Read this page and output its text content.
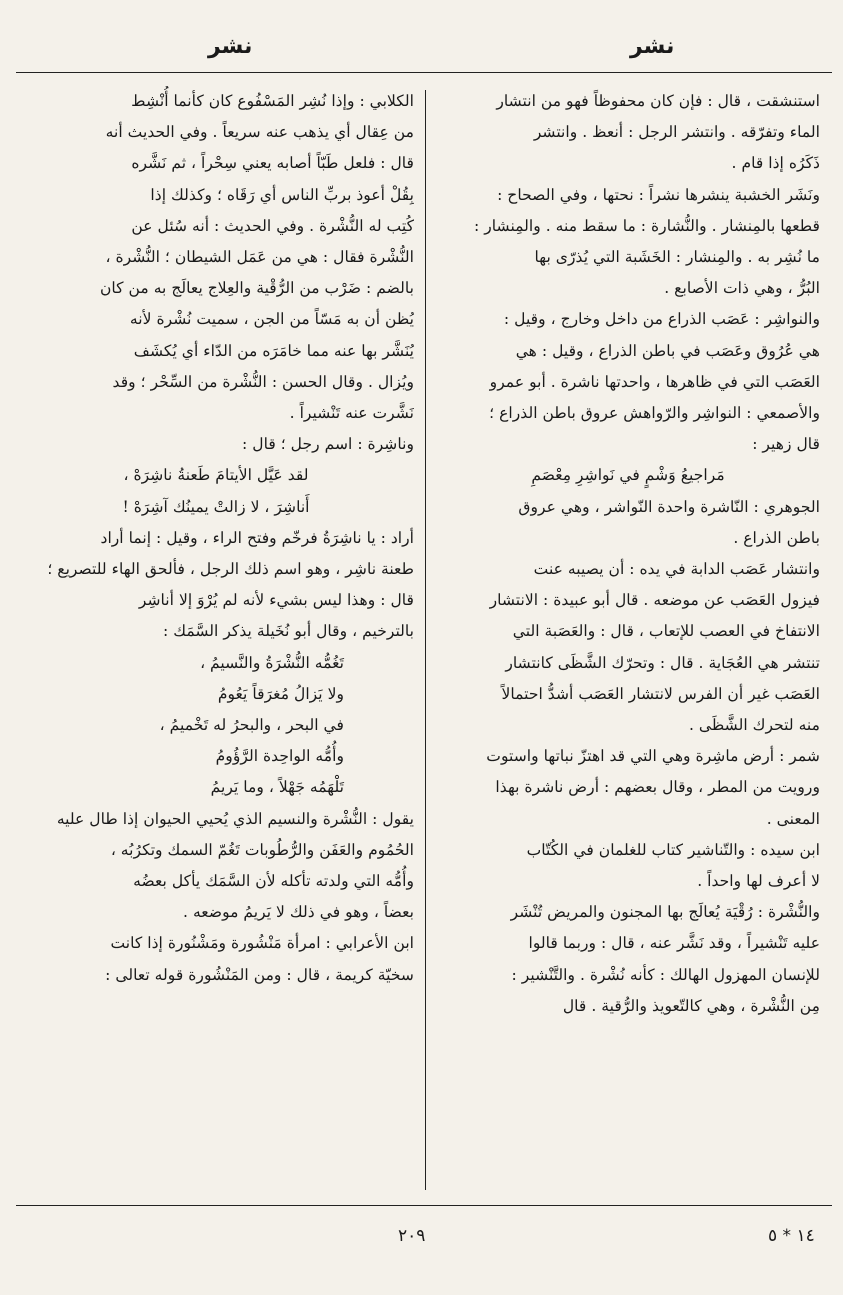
نشر
نشر

استنشقت ، قال : فإن كان محفوظاً فهو من انتشار

الماء وتفرّقه . وانتشر الرجل : أنعظ . وانتشر

ذَكَرُه إذا قام .

ونَشَر الخشبة ينشرها نشراً : نحتها ، وفي الصحاح :

قطعها بالمِنشار . والنُّشارة : ما سقط منه . والمِنشار :

ما نُشِر به . والمِنشار : الخَشَبة التي يُذرّى بها

البُرُّ ، وهي ذات الأصابع .

والنواشِر : عَصَب الذراع من داخل وخارج ، وقيل :

هي عُرُوق وعَصَب في باطن الذراع ، وقيل : هي

العَصَب التي في ظاهرها ، واحدتها ناشرة . أبو عمرو

والأصمعي : النواشِر والرّواهش عروق باطن الذراع ؛

قال زهير :

مَراجيعُ وَشْمٍ في نَواشِرِ مِعْصَمِ

الجوهري : النّاشرة واحدة النّواشر ، وهي عروق

باطن الذراع .

وانتشار عَصَب الدابة في يده : أن يصيبه عنت

فيزول العَصَب عن موضعه . قال أبو عبيدة : الانتشار

الانتفاخ في العصب للإتعاب ، قال : والعَصَبة التي

تنتشر هي العُجَاية . قال : وتحرّك الشَّظَى كانتشار

العَصَب غير أن الفرس لانتشار العَصَب أشدُّ احتمالاً

منه لتحرك الشَّظَى .

شمر : أرض ماشِرة وهي التي قد اهتزّ نباتها واستوت

ورويت من المطر ، وقال بعضهم : أرض ناشرة بهذا

المعنى .

ابن سيده : والتّناشير كتاب للغلمان في الكُتّاب

لا أعرف لها واحداً .

والنُّشْرة : رُقْيَة يُعالَج بها المجنون والمريض تُنْشَر

عليه تَنْشيراً ، وقد نَشَّر عنه ، قال : وربما قالوا

للإنسان المهزول الهالك : كأنه نُشْرة . والتَّنْشير :

مِن النُّشْرة ، وهي كالتّعويذ والرُّقية . قال

الكلابي : وإذا نُشِر المَسْفُوع كان كأنما أُنْشِط

من عِقال أي يذهب عنه سريعاً . وفي الحديث أنه

قال : فلعل طَبّاً أصابه يعني سِحْراً ، ثم نَشَّره

بِقُلْ أعوذ بربِّ الناس أي رَقَاه ؛ وكذلك إذا

كُتِب له النُّشْرة . وفي الحديث : أنه سُئل عن

النُّشْرة فقال : هي من عَمَل الشيطان ؛ النُّشْرة ،

بالضم : ضَرْب من الرُّقْية والعِلاج يعالَج به من كان

يُظن أن به مَسّاً من الجن ، سميت نُشْرة لأنه

يُنَشَّر بها عنه مما خامَرَه من الدّاء أي يُكشَف

ويُزال . وقال الحسن : النُّشْرة من السِّحْر ؛ وقد

نَشَّرت عنه تَنْشيراً .

وناشِرة : اسم رجل ؛ قال :

لقد عَيَّل الأيتامَ طَعنةُ ناشِرَهْ ،

أَناشِرَ ، لا زالتْ يمينُك آشِرَهْ !

أراد : يا ناشِرَةُ فرخّم وفتح الراء ، وقيل : إنما أراد

طعنة ناشِر ، وهو اسم ذلك الرجل ، فألحق الهاء للتصريع ؛

قال : وهذا ليس بشيء لأنه لم يُرْوَ إلا أناشِر

بالترخيم ، وقال أبو نُخَيلة يذكر السَّمَك :

تَغُمُّه النُّشْرَةُ والنَّسيمُ ،

ولا يَزالُ مُغرَقاً يَعُومُ

في البحر ، والبحرُ له تَخْميمُ ،

وأُمُّه الواحِدة الرَّؤُومُ

تَلْهَمُه جَهْلاً ، وما يَريمُ

يقول : النُّشْرة والنسيم الذي يُحيي الحيوان إذا طال عليه

الحُمُوم والعَفَن والرُّطُوبات تَغُمّ السمك وتكرُبُه ،

وأُمُّه التي ولدته تأكله لأن السَّمَك يأكل بعضُه

بعضاً ، وهو في ذلك لا يَريمُ موضعه .

ابن الأعرابي : امرأة مَنْشُورة ومَشْنُورة إذا كانت

سخيّة كريمة ، قال : ومن المَنْشُورة قوله تعالى :

٢٠٩	١٤ * ٥
